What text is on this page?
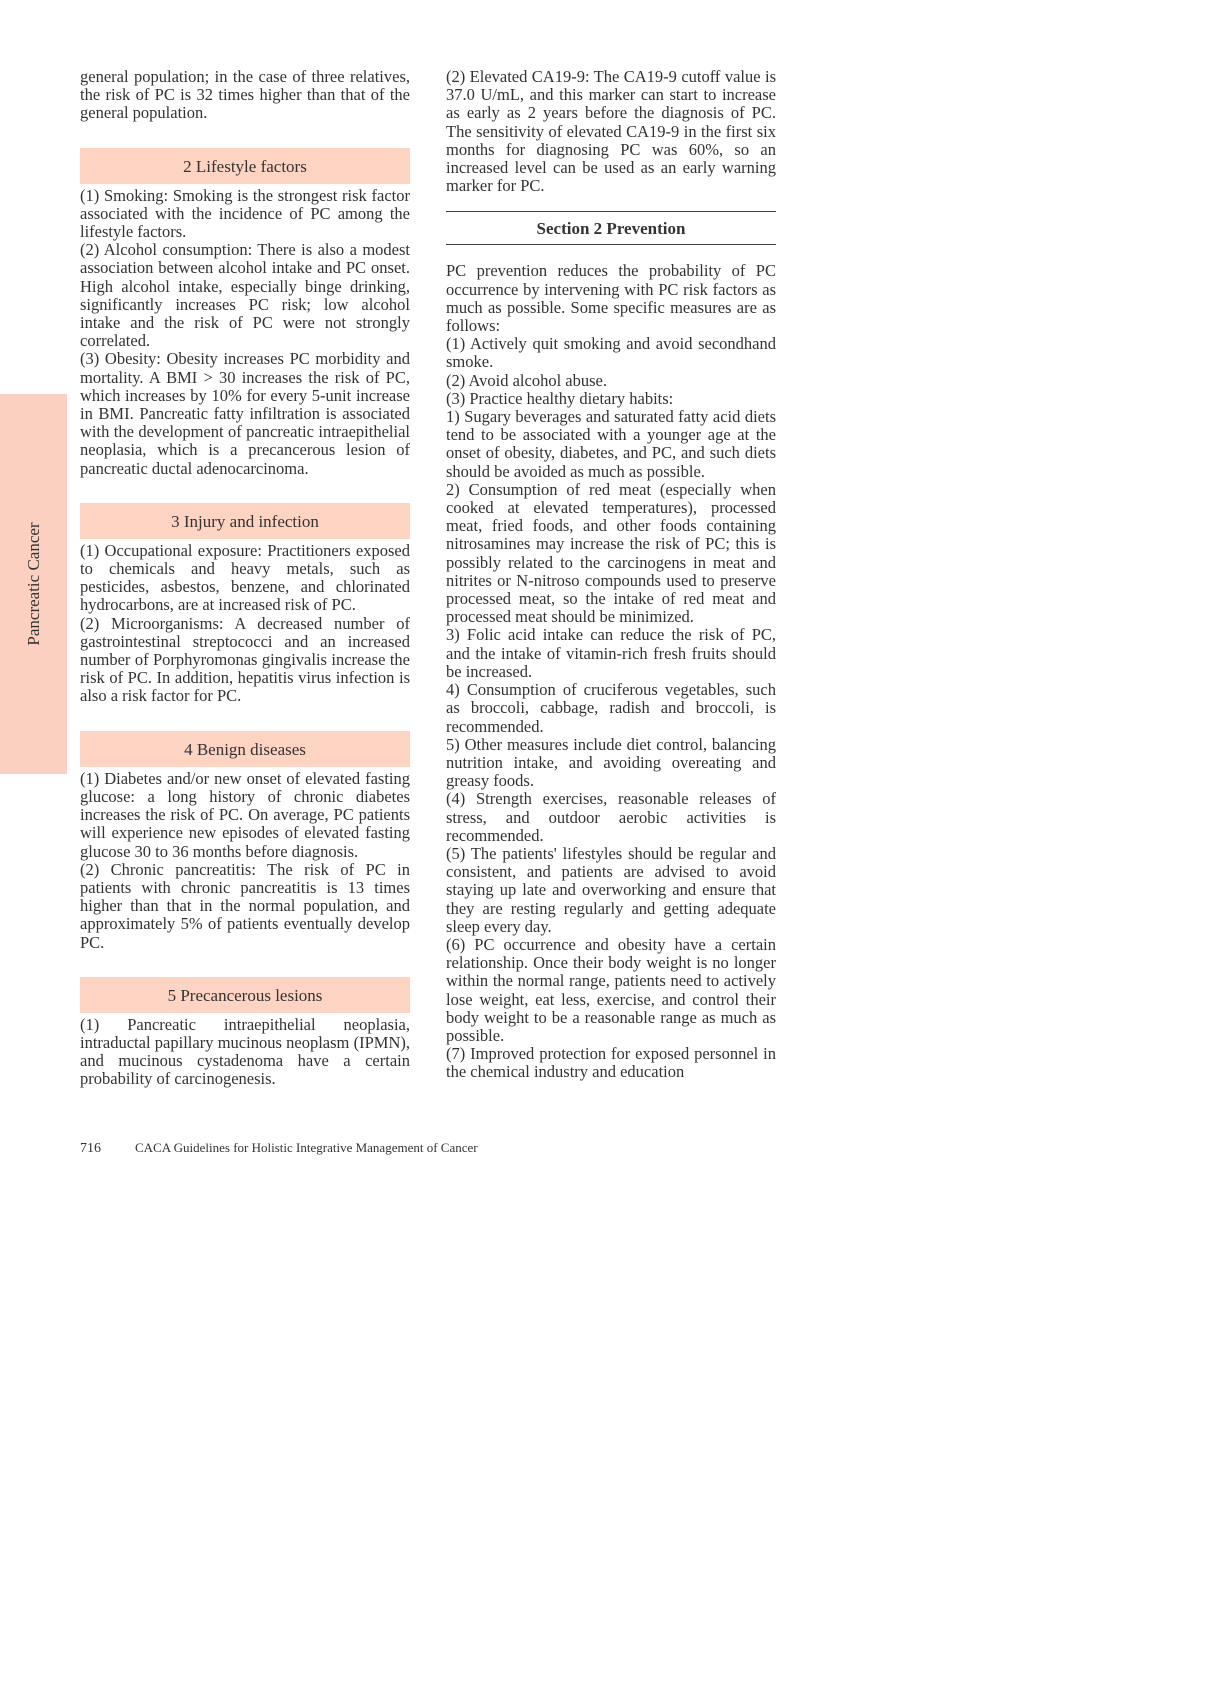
Pancreatic Cancer

general population; in the case of three relatives, the risk of PC is 32 times higher than that of the general population.

2 Lifestyle factors

(1) Smoking: Smoking is the strongest risk factor associated with the incidence of PC among the lifestyle factors.

(2) Alcohol consumption: There is also a modest association between alcohol intake and PC onset. High alcohol intake, especially binge drinking, significantly increases PC risk; low alcohol intake and the risk of PC were not strongly correlated.

(3) Obesity: Obesity increases PC morbidity and mortality. A BMI > 30 increases the risk of PC, which increases by 10% for every 5-unit increase in BMI. Pancreatic fatty infiltration is associated with the development of pancreatic intraepithelial neoplasia, which is a precancerous lesion of pancreatic ductal adenocarcinoma.

3 Injury and infection

(1) Occupational exposure: Practitioners exposed to chemicals and heavy metals, such as pesticides, asbestos, benzene, and chlorinated hydrocarbons, are at increased risk of PC.

(2) Microorganisms: A decreased number of gastrointestinal streptococci and an increased number of Porphyromonas gingivalis increase the risk of PC. In addition, hepatitis virus infection is also a risk factor for PC.

4 Benign diseases

(1) Diabetes and/or new onset of elevated fasting glucose: a long history of chronic diabetes increases the risk of PC. On average, PC patients will experience new episodes of elevated fasting glucose 30 to 36 months before diagnosis.

(2) Chronic pancreatitis: The risk of PC in patients with chronic pancreatitis is 13 times higher than that in the normal population, and approximately 5% of patients eventually develop PC.

5 Precancerous lesions

(1) Pancreatic intraepithelial neoplasia, intraductal papillary mucinous neoplasm (IPMN), and mucinous cystadenoma have a certain probability of carcinogenesis.

(2) Elevated CA19-9: The CA19-9 cutoff value is 37.0 U/mL, and this marker can start to increase as early as 2 years before the diagnosis of PC. The sensitivity of elevated CA19-9 in the first six months for diagnosing PC was 60%, so an increased level can be used as an early warning marker for PC.

Section 2 Prevention

PC prevention reduces the probability of PC occurrence by intervening with PC risk factors as much as possible. Some specific measures are as follows:

(1) Actively quit smoking and avoid secondhand smoke.

(2) Avoid alcohol abuse.

(3) Practice healthy dietary habits:

1) Sugary beverages and saturated fatty acid diets tend to be associated with a younger age at the onset of obesity, diabetes, and PC, and such diets should be avoided as much as possible.

2) Consumption of red meat (especially when cooked at elevated temperatures), processed meat, fried foods, and other foods containing nitrosamines may increase the risk of PC; this is possibly related to the carcinogens in meat and nitrites or N-nitroso compounds used to preserve processed meat, so the intake of red meat and processed meat should be minimized.

3) Folic acid intake can reduce the risk of PC, and the intake of vitamin-rich fresh fruits should be increased.

4) Consumption of cruciferous vegetables, such as broccoli, cabbage, radish and broccoli, is recommended.

5) Other measures include diet control, balancing nutrition intake, and avoiding overeating and greasy foods.

(4) Strength exercises, reasonable releases of stress, and outdoor aerobic activities is recommended.

(5) The patients' lifestyles should be regular and consistent, and patients are advised to avoid staying up late and overworking and ensure that they are resting regularly and getting adequate sleep every day.

(6) PC occurrence and obesity have a certain relationship. Once their body weight is no longer within the normal range, patients need to actively lose weight, eat less, exercise, and control their body weight to be a reasonable range as much as possible.

(7) Improved protection for exposed personnel in the chemical industry and education

716	CACA Guidelines for Holistic Integrative Management of Cancer
